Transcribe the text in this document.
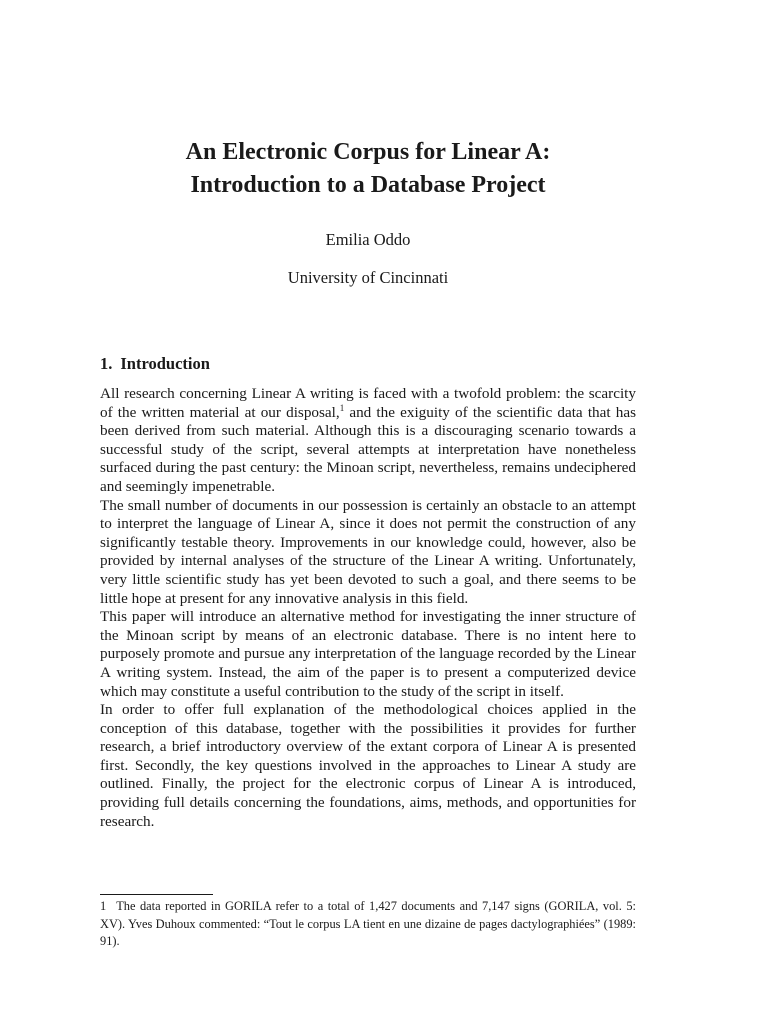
An Electronic Corpus for Linear A:
Introduction to a Database Project

Emilia Oddo

University of Cincinnati

1. Introduction

All research concerning Linear A writing is faced with a twofold problem: the scarcity of the written material at our disposal,$^1$ and the exiguity of the scientific data that has been derived from such material. Although this is a discouraging scenario towards a successful study of the script, several attempts at interpretation have nonetheless surfaced during the past century: the Minoan script, nevertheless, remains undeciphered and seemingly impenetrable.

The small number of documents in our possession is certainly an obstacle to an attempt to interpret the language of Linear A, since it does not permit the construction of any significantly testable theory. Improvements in our knowledge could, however, also be provided by internal analyses of the structure of the Linear A writing. Unfortunately, very little scientific study has yet been devoted to such a goal, and there seems to be little hope at present for any innovative analysis in this field.

This paper will introduce an alternative method for investigating the inner structure of the Minoan script by means of an electronic database. There is no intent here to purposely promote and pursue any interpretation of the language recorded by the Linear A writing system. Instead, the aim of the paper is to present a computerized device which may constitute a useful contribution to the study of the script in itself.

In order to offer full explanation of the methodological choices applied in the conception of this database, together with the possibilities it provides for further research, a brief introductory overview of the extant corpora of Linear A is presented first. Secondly, the key questions involved in the approaches to Linear A study are outlined. Finally, the project for the electronic corpus of Linear A is introduced, providing full details concerning the foundations, aims, methods, and opportunities for research.

1 The data reported in GORILA refer to a total of 1,427 documents and 7,147 signs (GORILA, vol. 5: XV). Yves Duhoux commented: “Tout le corpus LA tient en une dizaine de pages dactylographiées” (1989: 91).
